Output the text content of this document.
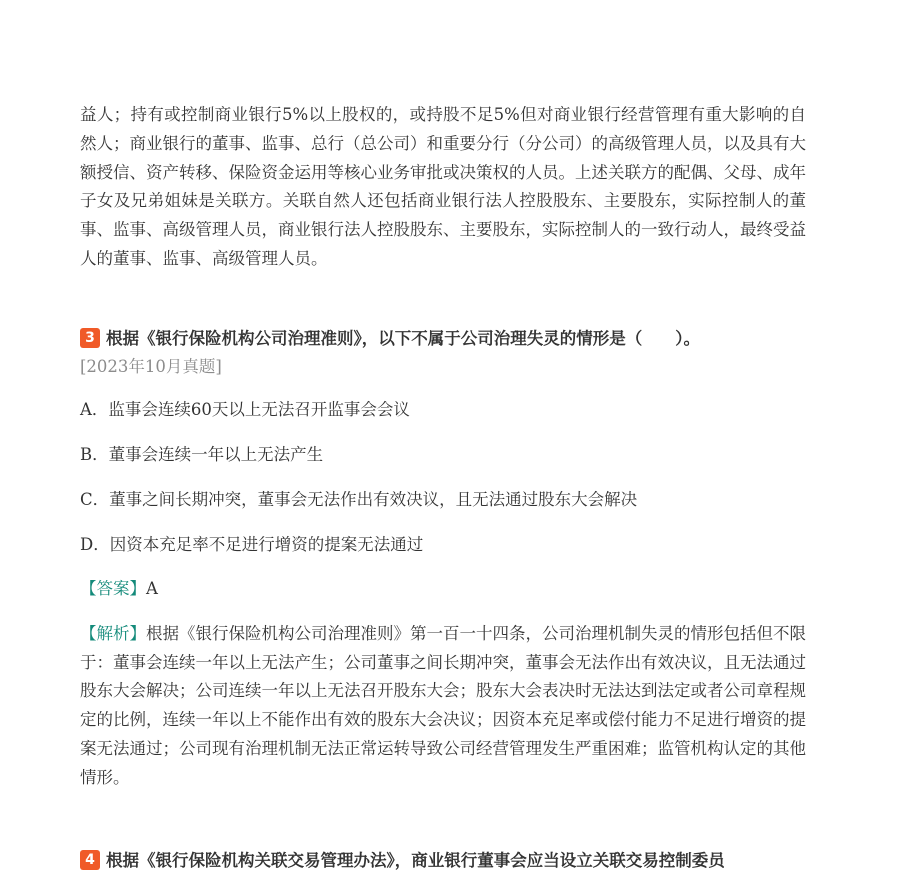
益人；持有或控制商业银行5%以上股权的，或持股不足5%但对商业银行经营管理有重大影响的自然人；商业银行的董事、监事、总行（总公司）和重要分行（分公司）的高级管理人员，以及具有大额授信、资产转移、保险资金运用等核心业务审批或决策权的人员。上述关联方的配偶、父母、成年子女及兄弟姐妹是关联方。关联自然人还包括商业银行法人控股股东、主要股东，实际控制人的董事、监事、高级管理人员，商业银行法人控股股东、主要股东，实际控制人的一致行动人，最终受益人的董事、监事、高级管理人员。

3 根据《银行保险机构公司治理准则》，以下不属于公司治理失灵的情形是（　　）。
[2023年10月真题]
A．监事会连续60天以上无法召开监事会会议
B．董事会连续一年以上无法产生
C．董事之间长期冲突，董事会无法作出有效决议，且无法通过股东大会解决
D．因资本充足率不足进行增资的提案无法通过
【答案】A
【解析】根据《银行保险机构公司治理准则》第一百一十四条，公司治理机制失灵的情形包括但不限于：董事会连续一年以上无法产生；公司董事之间长期冲突，董事会无法作出有效决议，且无法通过股东大会解决；公司连续一年以上无法召开股东大会；股东大会表决时无法达到法定或者公司章程规定的比例，连续一年以上不能作出有效的股东大会决议；因资本充足率或偿付能力不足进行增资的提案无法通过；公司现有治理机制无法正常运转导致公司经营管理发生严重困难；监管机构认定的其他情形。
4 根据《银行保险机构关联交易管理办法》，商业银行董事会应当设立关联交易控制委员
